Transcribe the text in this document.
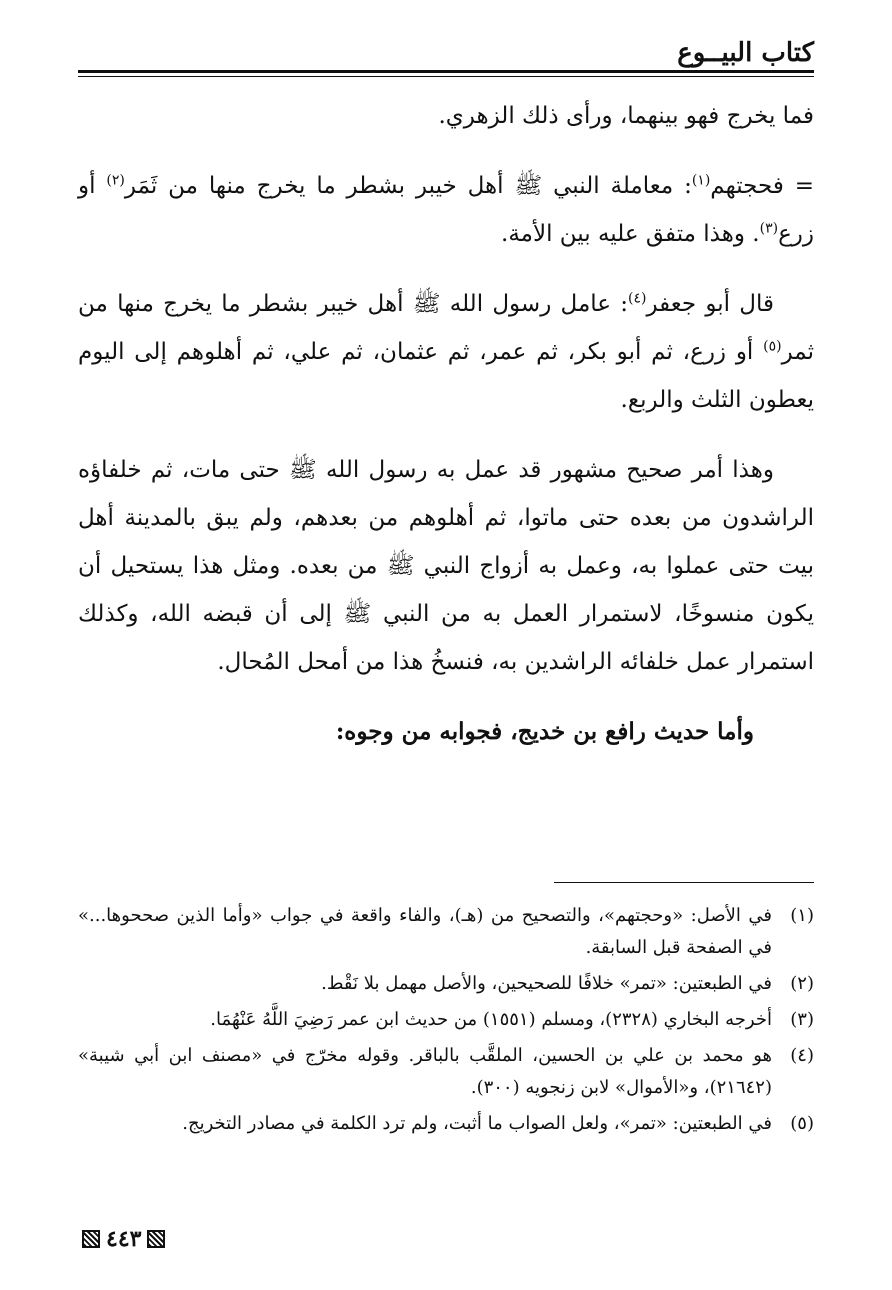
كتاب البيــوع

فما يخرج فهو بينهما، ورأى ذلك الزهري.

= فحجتهم$^{(١)}$: معاملة النبي ﷺ أهل خيبر بشطر ما يخرج منها من ثَمَر$^{(٢)}$ أو زرع$^{(٣)}$. وهذا متفق عليه بين الأمة.

قال أبو جعفر$^{(٤)}$: عامل رسول الله ﷺ أهل خيبر بشطر ما يخرج منها من ثمر$^{(٥)}$ أو زرع، ثم أبو بكر، ثم عمر، ثم عثمان، ثم علي، ثم أهلوهم إلى اليوم يعطون الثلث والربع.

وهذا أمر صحيح مشهور قد عمل به رسول الله ﷺ حتى مات، ثم خلفاؤه الراشدون من بعده حتى ماتوا، ثم أهلوهم من بعدهم، ولم يبق بالمدينة أهل بيت حتى عملوا به، وعمل به أزواج النبي ﷺ من بعده. ومثل هذا يستحيل أن يكون منسوخًا، لاستمرار العمل به من النبي ﷺ إلى أن قبضه الله، وكذلك استمرار عمل خلفائه الراشدين به، فنسخُ هذا من أمحل المُحال.

وأما حديث رافع بن خديج، فجوابه من وجوه:

(١)
في الأصل: «وحجتهم»، والتصحيح من (هـ)، والفاء واقعة في جواب «وأما الذين صححوها...» في الصفحة قبل السابقة.
(٢)
في الطبعتين: «تمر» خلافًا للصحيحين، والأصل مهمل بلا نَقْط.
(٣)
أخرجه البخاري (٢٣٢٨)، ومسلم (١٥٥١) من حديث ابن عمر رَضِيَ اللَّهُ عَنْهُمَا.
(٤)
هو محمد بن علي بن الحسين، الملقَّب بالباقر. وقوله مخرّج في «مصنف ابن أبي شيبة» (٢١٦٤٢)، و«الأموال» لابن زنجويه (٣٠٠).
(٥)
في الطبعتين: «تمر»، ولعل الصواب ما أثبت، ولم ترد الكلمة في مصادر التخريج.
٤٤٣
